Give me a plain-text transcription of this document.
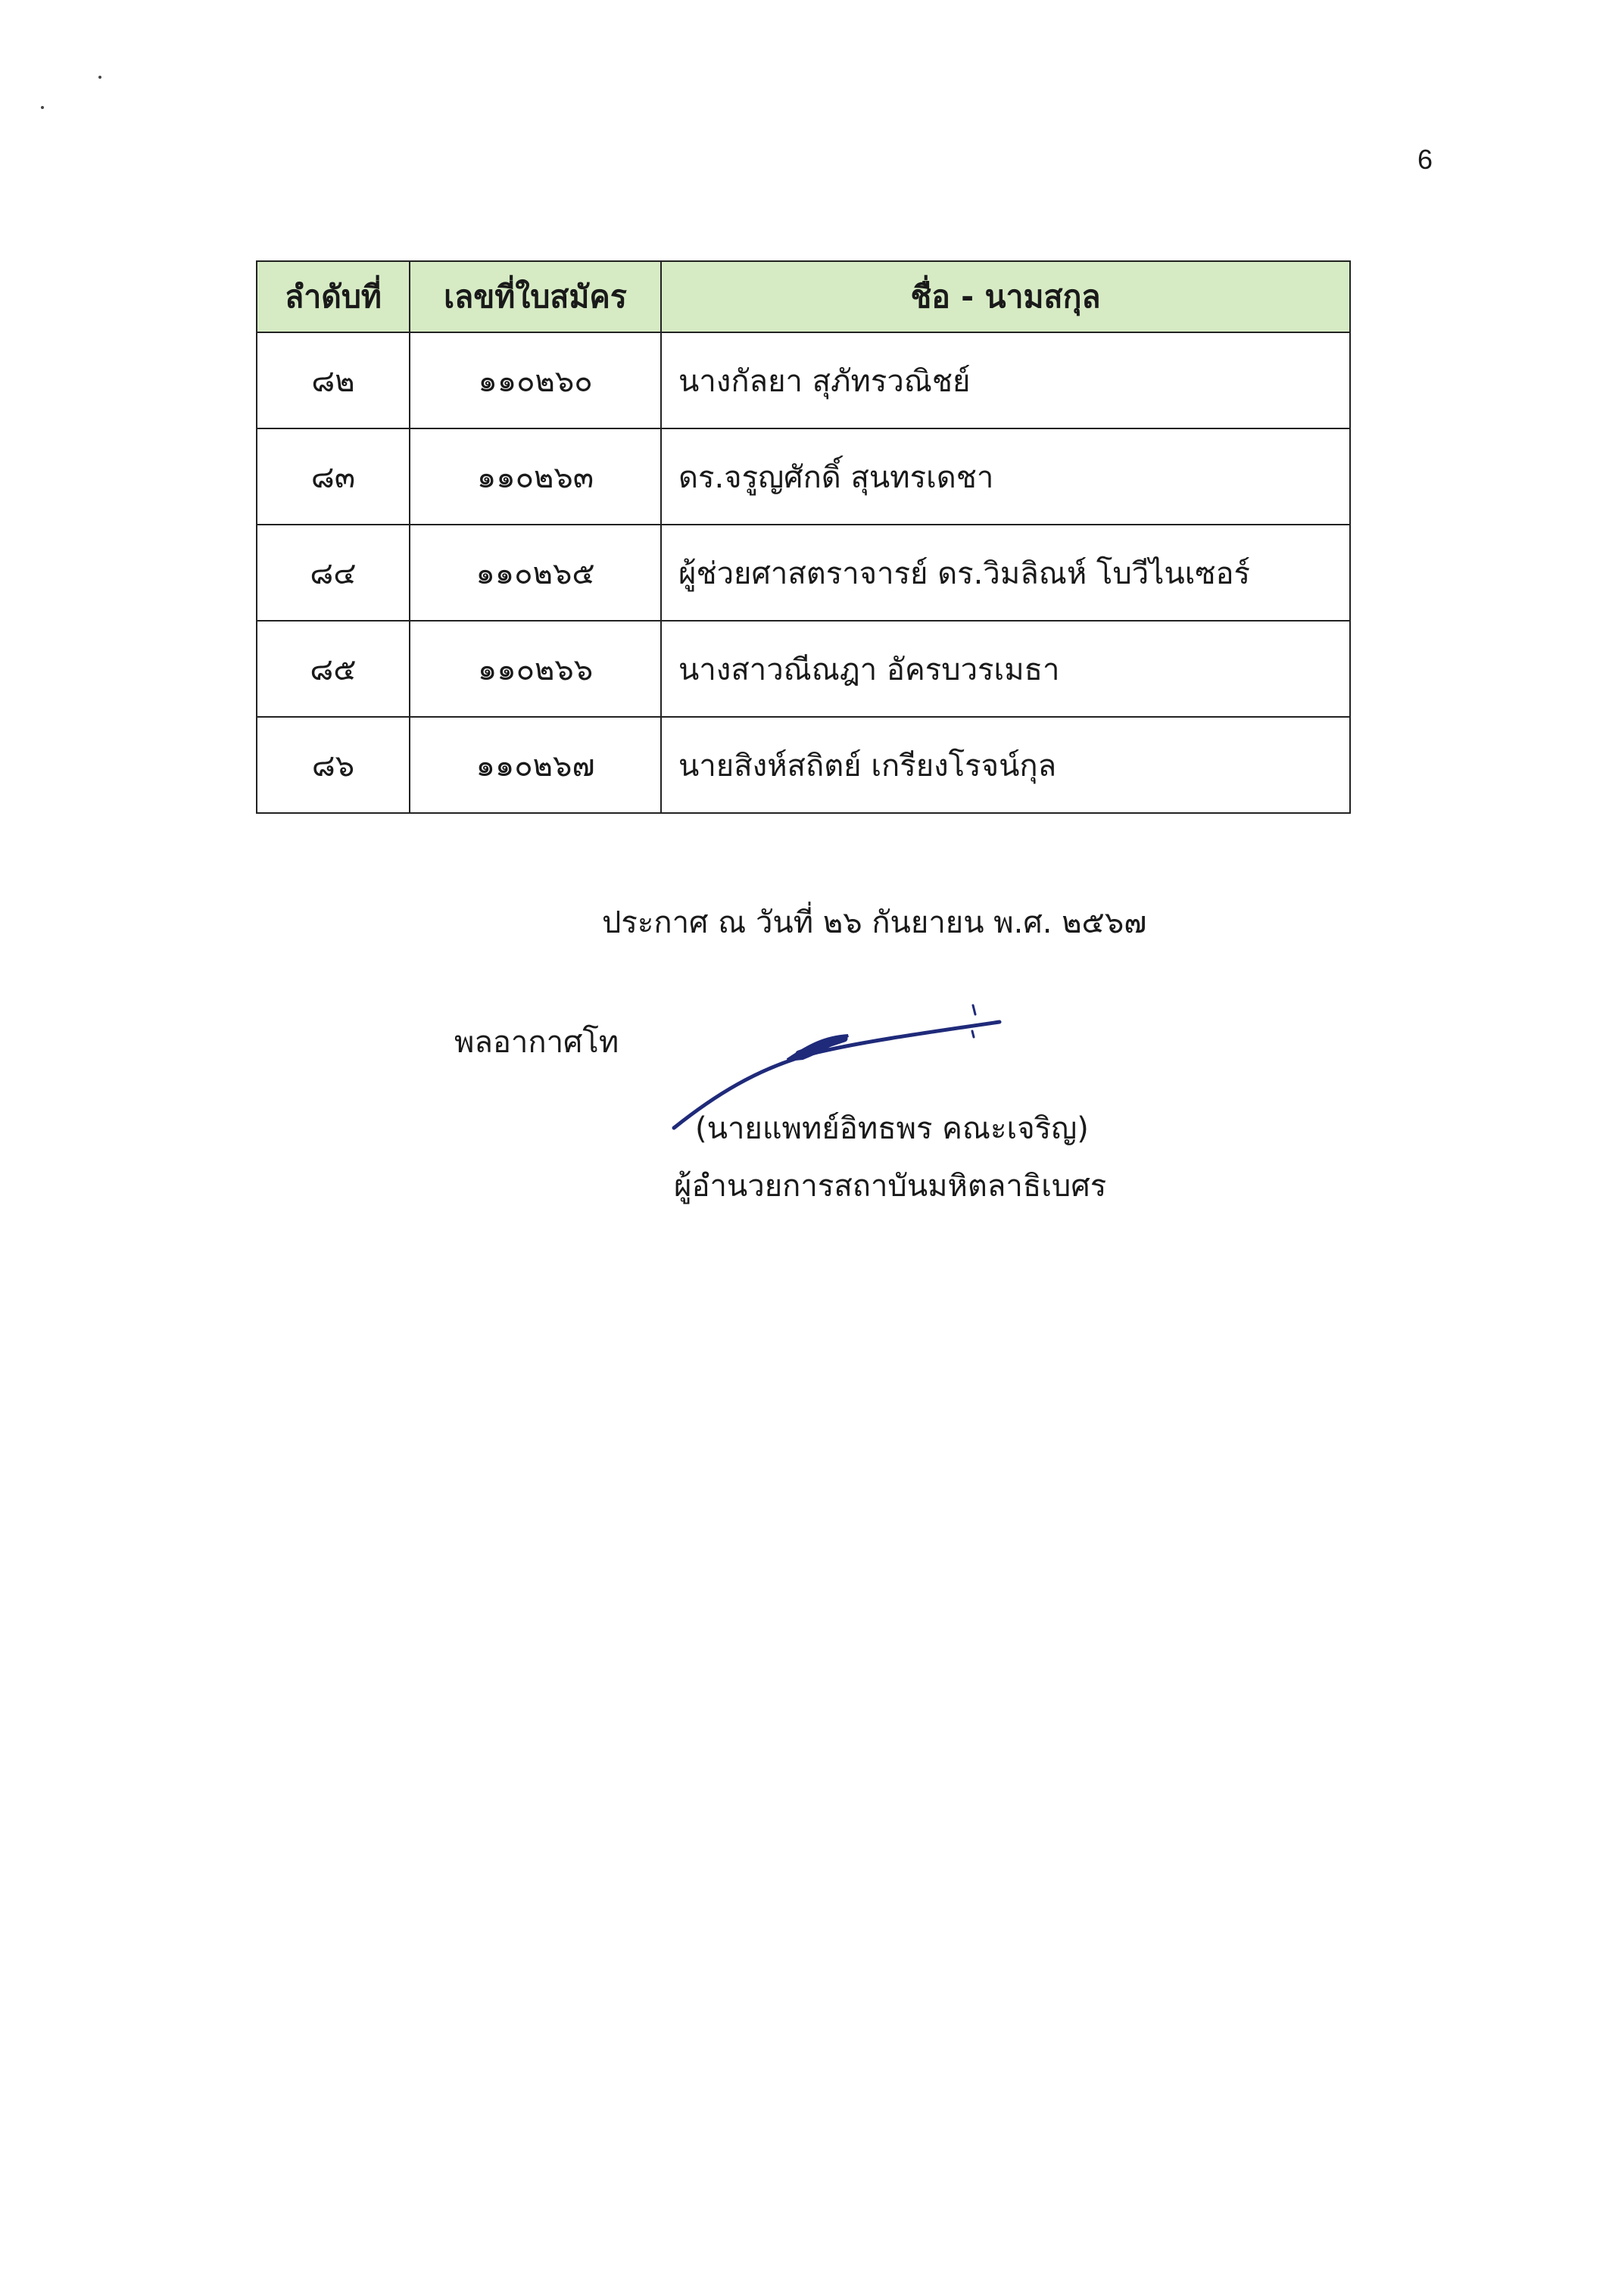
6
ลำดับที่	เลขที่ใบสมัคร	ชื่อ - นามสกุล
๘๒	๑๑๐๒๖๐	นางกัลยา สุภัทรวณิชย์
๘๓	๑๑๐๒๖๓	ดร.จรูญศักดิ์ สุนทรเดชา
๘๔	๑๑๐๒๖๕	ผู้ช่วยศาสตราจารย์ ดร.วิมลิณห์ โบวีไนเซอร์
๘๕	๑๑๐๒๖๖	นางสาวณีณฎา อัครบวรเมธา
๘๖	๑๑๐๒๖๗	นายสิงห์สถิตย์ เกรียงโรจน์กุล
ประกาศ ณ วันที่ ๒๖ กันยายน พ.ศ. ๒๕๖๗
พลอากาศโท
(นายแพทย์อิทธพร คณะเจริญ)
ผู้อำนวยการสถาบันมหิตลาธิเบศร
